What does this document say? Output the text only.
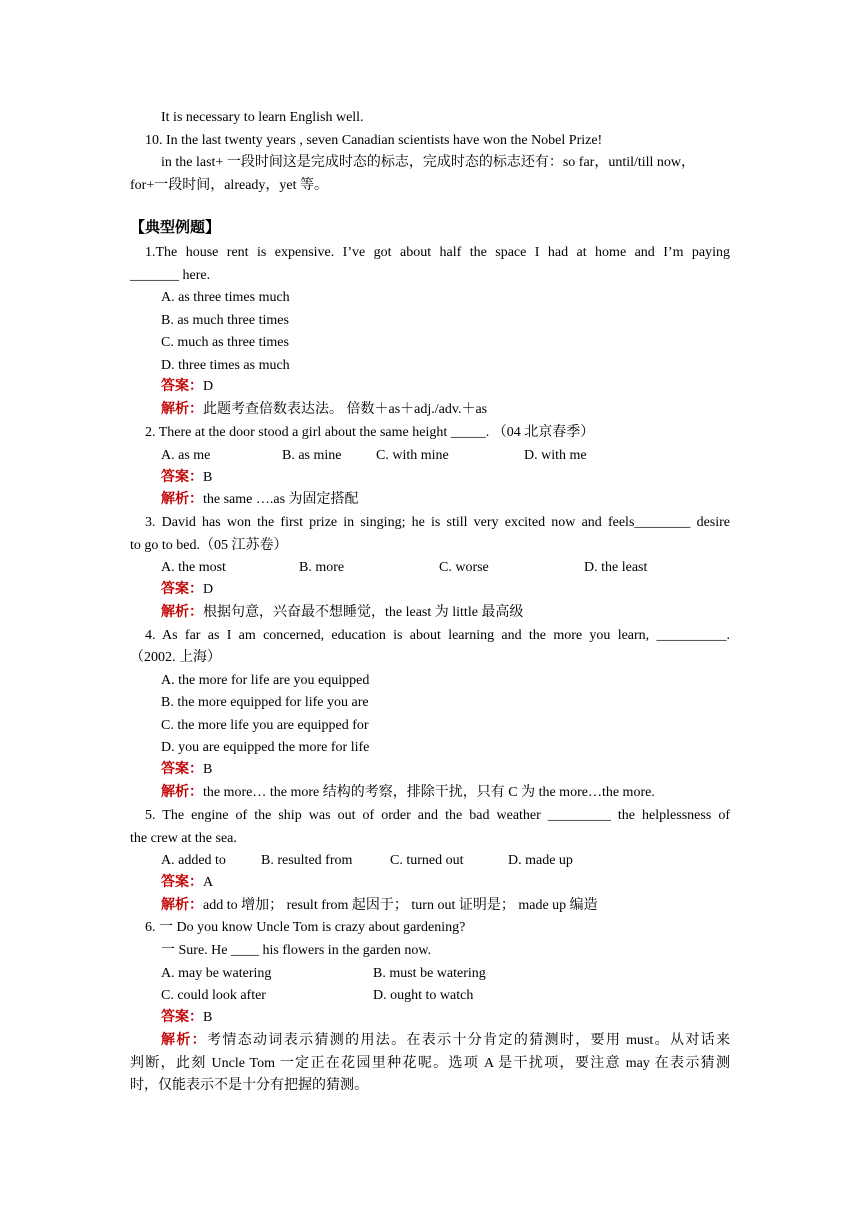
It is necessary to learn English well.
10. In the last twenty years , seven Canadian scientists have won the Nobel Prize!
in the last+ 一段时间这是完成时态的标志，完成时态的标志还有：so far，until/till now，
for+一段时间，already，yet 等。
【典型例题】
1.The house rent is expensive. I’ve got about half the space I had at home and I’m paying
_______ here.
A. as three times much
B. as much three times
C. much as three times
D. three times as much
答案：D
解析：此题考查倍数表达法。 倍数＋as＋adj./adv.＋as
2. There at the door stood a girl about the same height _____. （04 北京春季）
A. as me	B. as mine C. with mine	D. with me
答案：B
解析：the same ….as 为固定搭配
3. David has won the first prize in singing; he is still very excited now and feels________ desire
to go to bed.（05 江苏卷）
A. the most	B. more	C. worse	D. the least
答案：D
解析：根据句意，兴奋最不想睡觉，the least 为 little 最高级
4. As far as I am concerned, education is about learning and the more you learn, __________.
（2002. 上海）
A. the more for life are you equipped
B. the more equipped for life you are
C. the more life you are equipped for
D. you are equipped the more for life
答案：B
解析：the more… the more 结构的考察，排除干扰，只有 C 为 the more…the more.
5. The engine of the ship was out of order and the bad weather _________ the helplessness of
the crew at the sea.
A. added to	B. resulted from	C. turned out	D. made up
答案：A
解析：add to 增加； result from 起因于； turn out 证明是； made up 编造
6. 一 Do you know Uncle Tom is crazy about gardening?
一 Sure. He ____ his flowers in the garden now.
A. may be watering	B. must be watering
C. could look after	D. ought to watch
答案：B
解析：考情态动词表示猜测的用法。在表示十分肯定的猜测时，要用 must。从对话来
判断，此刻 Uncle Tom 一定正在花园里种花呢。选项 A 是干扰项，要注意 may 在表示猜测
时，仅能表示不是十分有把握的猜测。
